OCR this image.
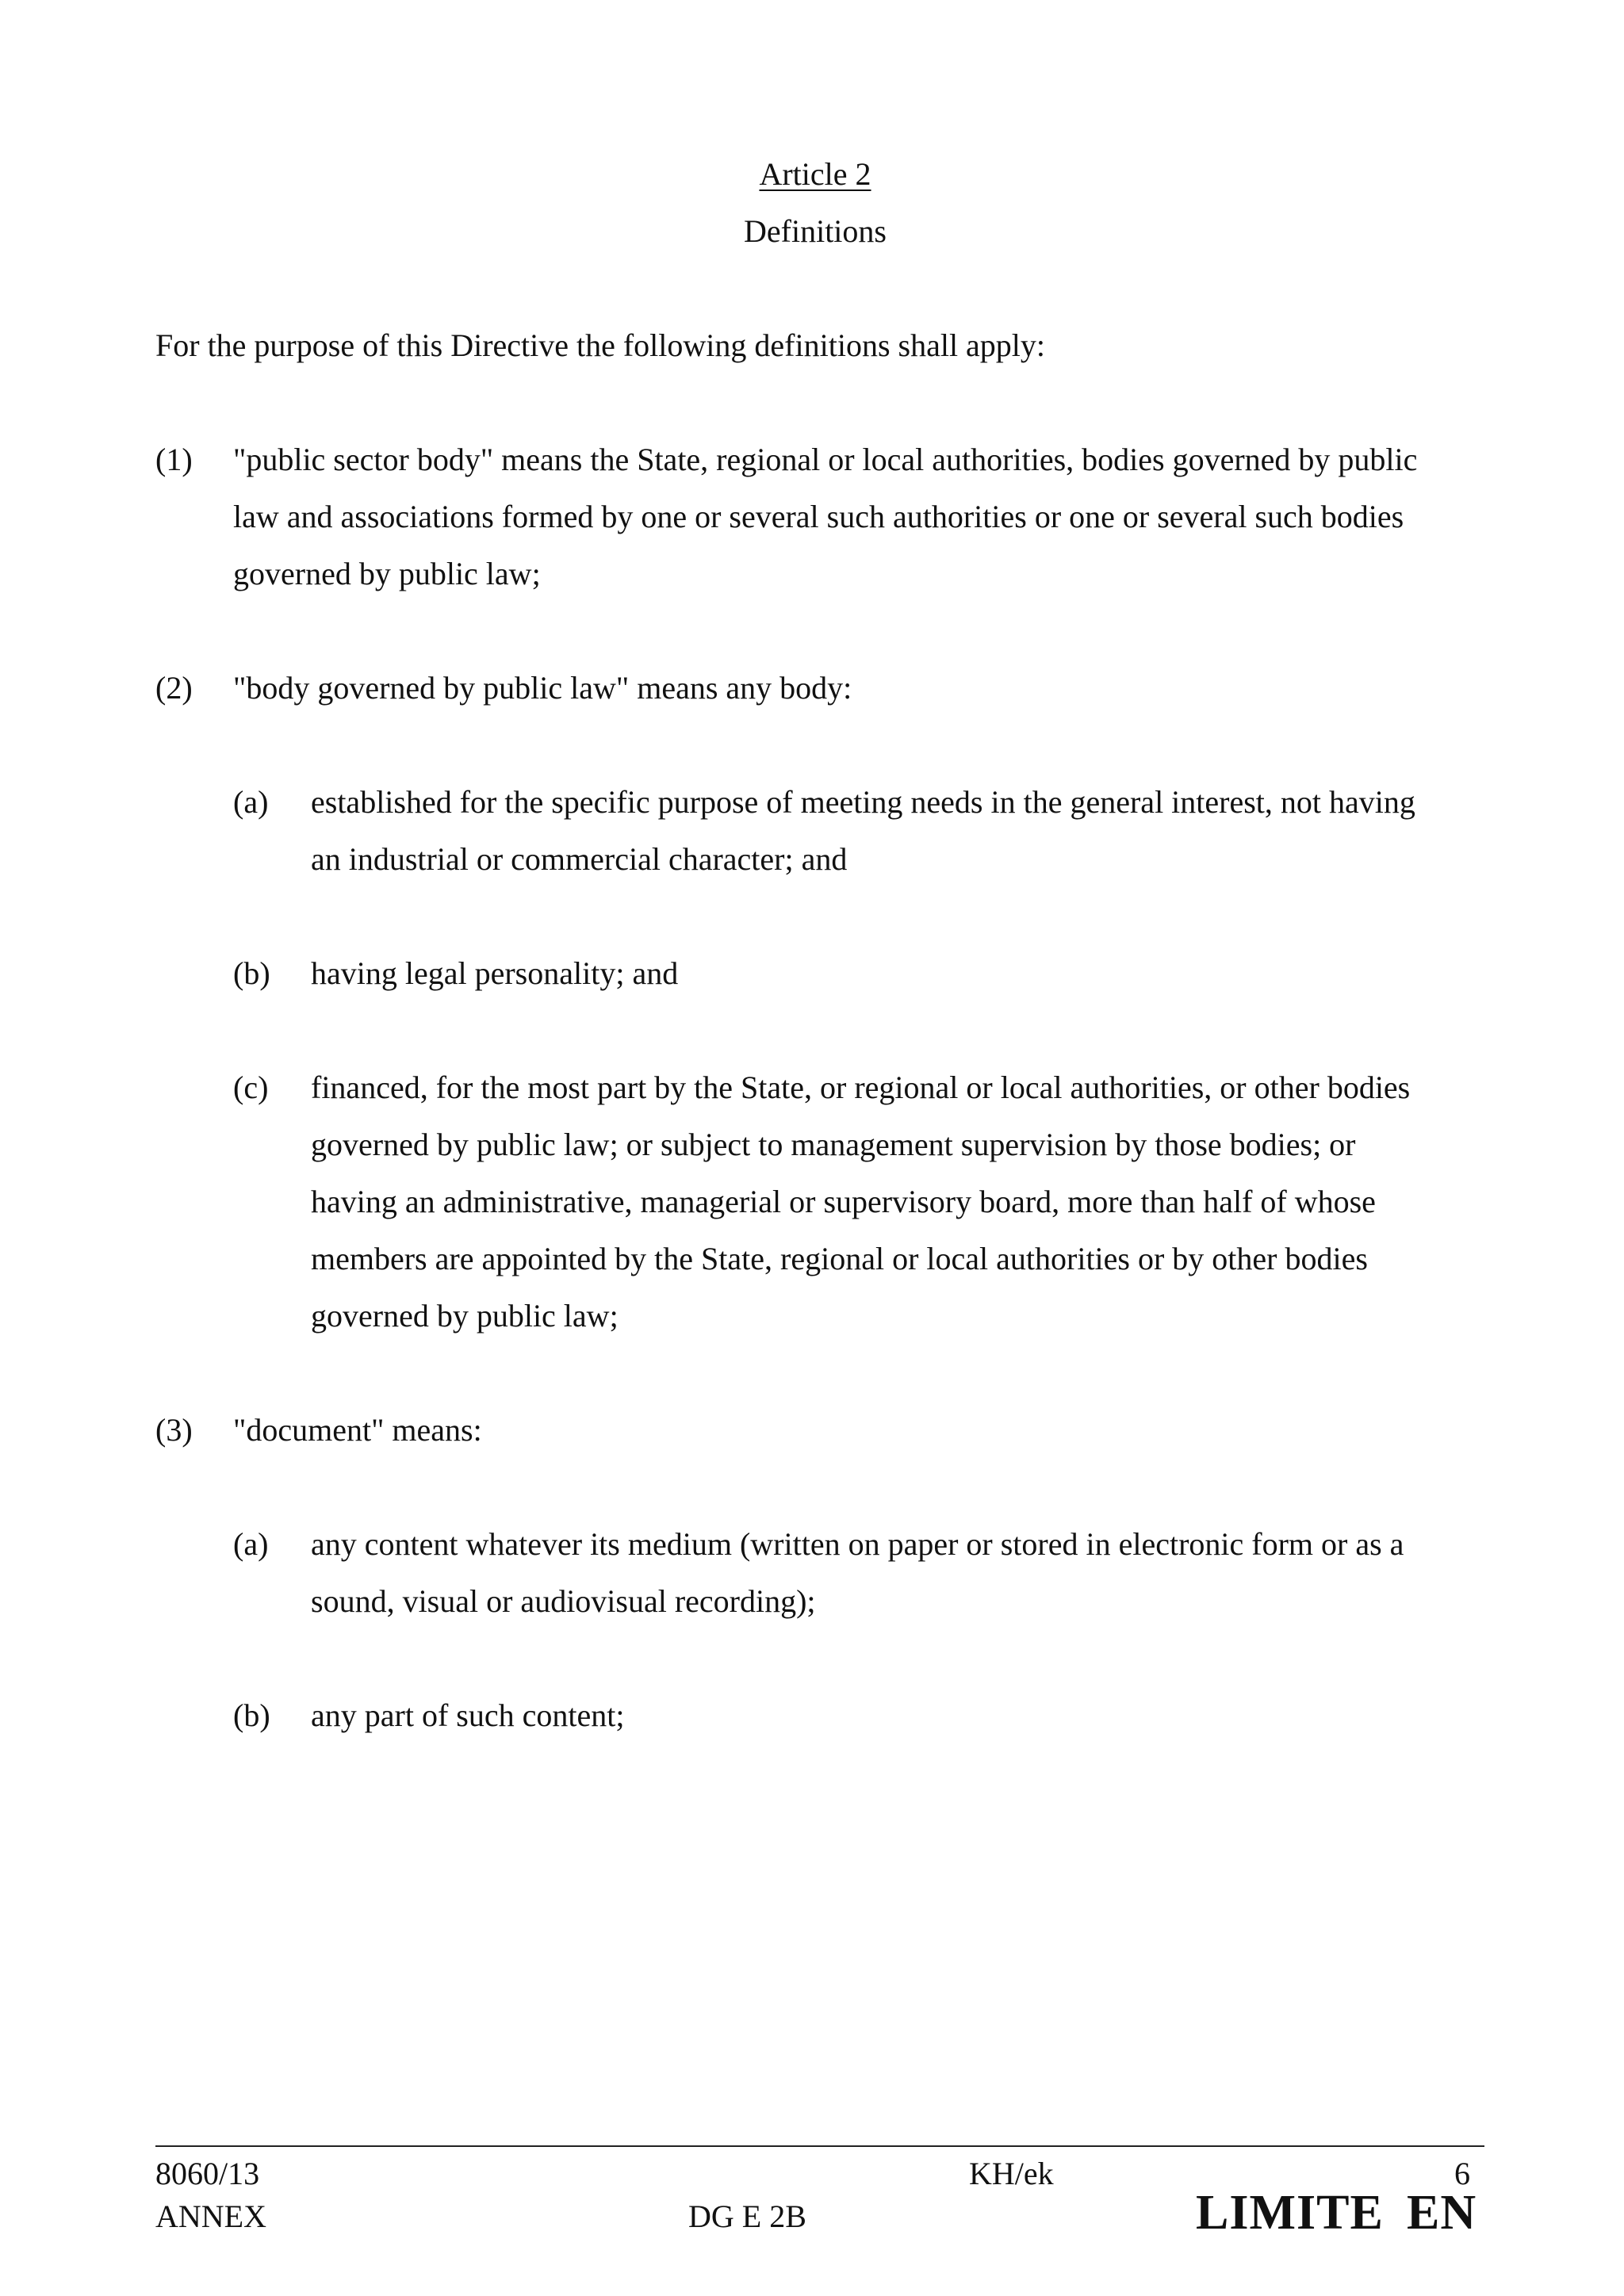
Article 2
Definitions
For the purpose of this Directive the following definitions shall apply:
(1) "public sector body" means the State, regional or local authorities, bodies governed by public
law and associations formed by one or several such authorities or one or several such bodies
governed by public law;
(2) "body governed by public law" means any body:
(a) established for the specific purpose of meeting needs in the general interest, not having
an industrial or commercial character; and
(b) having legal personality; and
(c) financed, for the most part by the State, or regional or local authorities, or other bodies
governed by public law; or subject to management supervision by those bodies; or
having an administrative, managerial or supervisory board, more than half of whose
members are appointed by the State, regional or local authorities or by other bodies
governed by public law;
(3) "document" means:
(a) any content whatever its medium (written on paper or stored in electronic form or as a
sound, visual or audiovisual recording);
(b) any part of such content;
8060/13
ANNEX
KH/ek
DG E 2B
6
LIMITE EN
